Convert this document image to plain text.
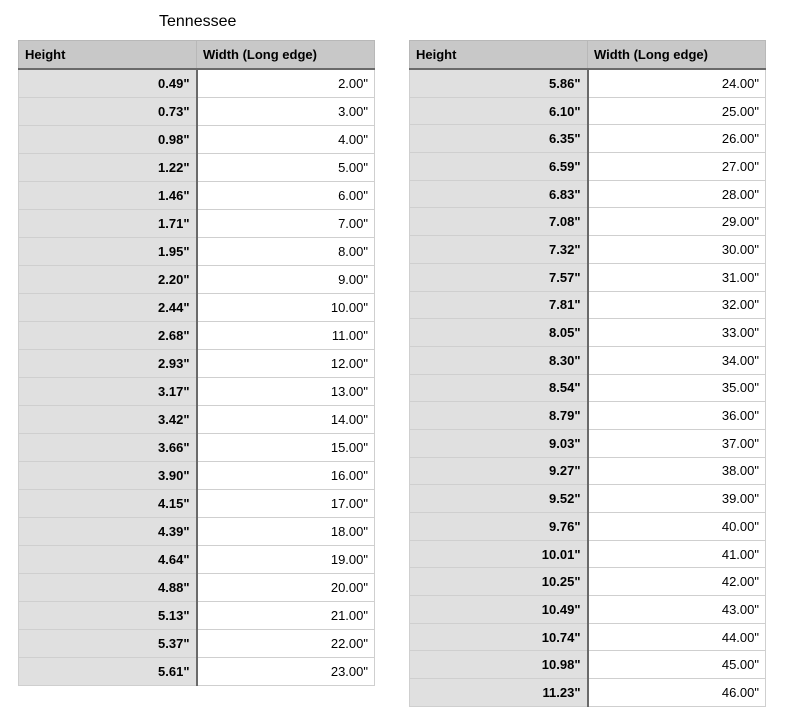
Tennessee
Height	Width (Long edge)
0.49"	2.00"
0.73"	3.00"
0.98"	4.00"
1.22"	5.00"
1.46"	6.00"
1.71"	7.00"
1.95"	8.00"
2.20"	9.00"
2.44"	10.00"
2.68"	11.00"
2.93"	12.00"
3.17"	13.00"
3.42"	14.00"
3.66"	15.00"
3.90"	16.00"
4.15"	17.00"
4.39"	18.00"
4.64"	19.00"
4.88"	20.00"
5.13"	21.00"
5.37"	22.00"
5.61"	23.00"
Height	Width (Long edge)
5.86"	24.00"
6.10"	25.00"
6.35"	26.00"
6.59"	27.00"
6.83"	28.00"
7.08"	29.00"
7.32"	30.00"
7.57"	31.00"
7.81"	32.00"
8.05"	33.00"
8.30"	34.00"
8.54"	35.00"
8.79"	36.00"
9.03"	37.00"
9.27"	38.00"
9.52"	39.00"
9.76"	40.00"
10.01"	41.00"
10.25"	42.00"
10.49"	43.00"
10.74"	44.00"
10.98"	45.00"
11.23"	46.00"
